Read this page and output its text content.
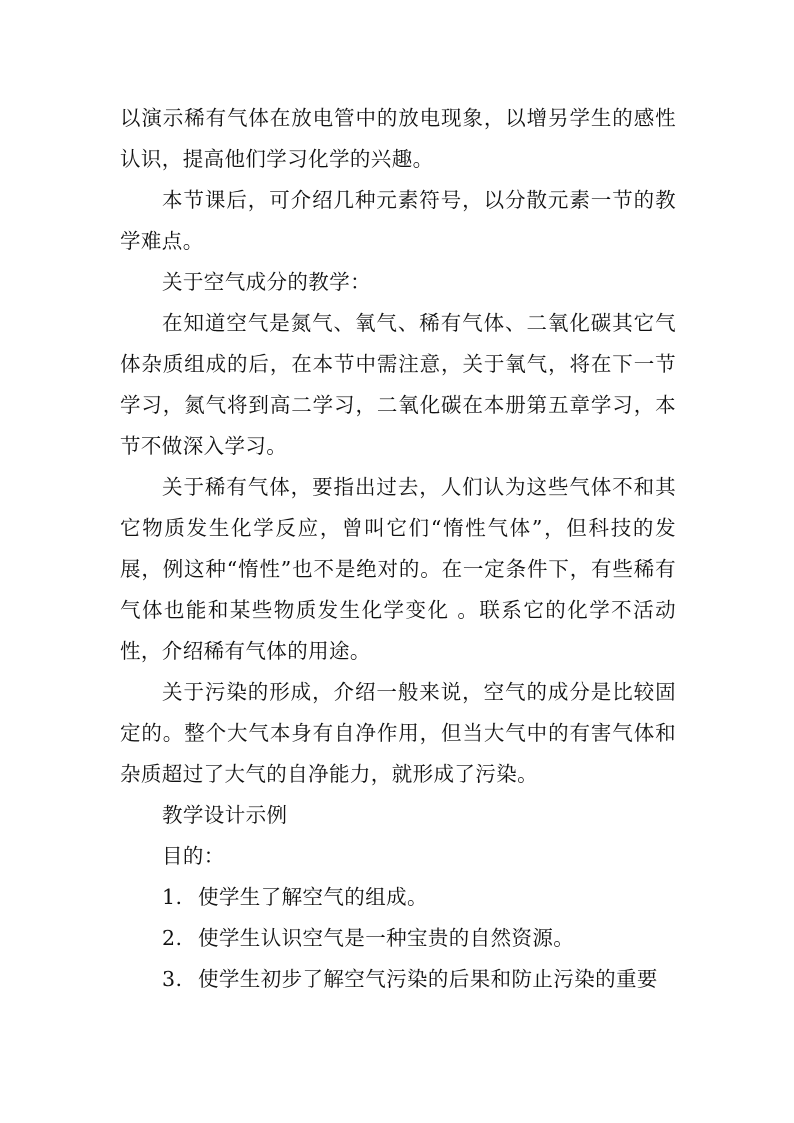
以演示稀有气体在放电管中的放电现象，以增另学生的感性认识，提高他们学习化学的兴趣。

本节课后，可介绍几种元素符号，以分散元素一节的教学难点。

关于空气成分的教学：

在知道空气是氮气、氧气、稀有气体、二氧化碳其它气体杂质组成的后，在本节中需注意，关于氧气，将在下一节学习，氮气将到高二学习，二氧化碳在本册第五章学习，本节不做深入学习。

关于稀有气体，要指出过去，人们认为这些气体不和其它物质发生化学反应，曾叫它们“惰性气体”，但科技的发展，例这种“惰性”也不是绝对的。在一定条件下，有些稀有气体也能和某些物质发生化学变化 。联系它的化学不活动性，介绍稀有气体的用途。

关于污染的形成，介绍一般来说，空气的成分是比较固定的。整个大气本身有自净作用，但当大气中的有害气体和杂质超过了大气的自净能力，就形成了污染。

教学设计示例

目的：

1. 使学生了解空气的组成。
2. 使学生认识空气是一种宝贵的自然资源。
3. 使学生初步了解空气污染的后果和防止污染的重要
